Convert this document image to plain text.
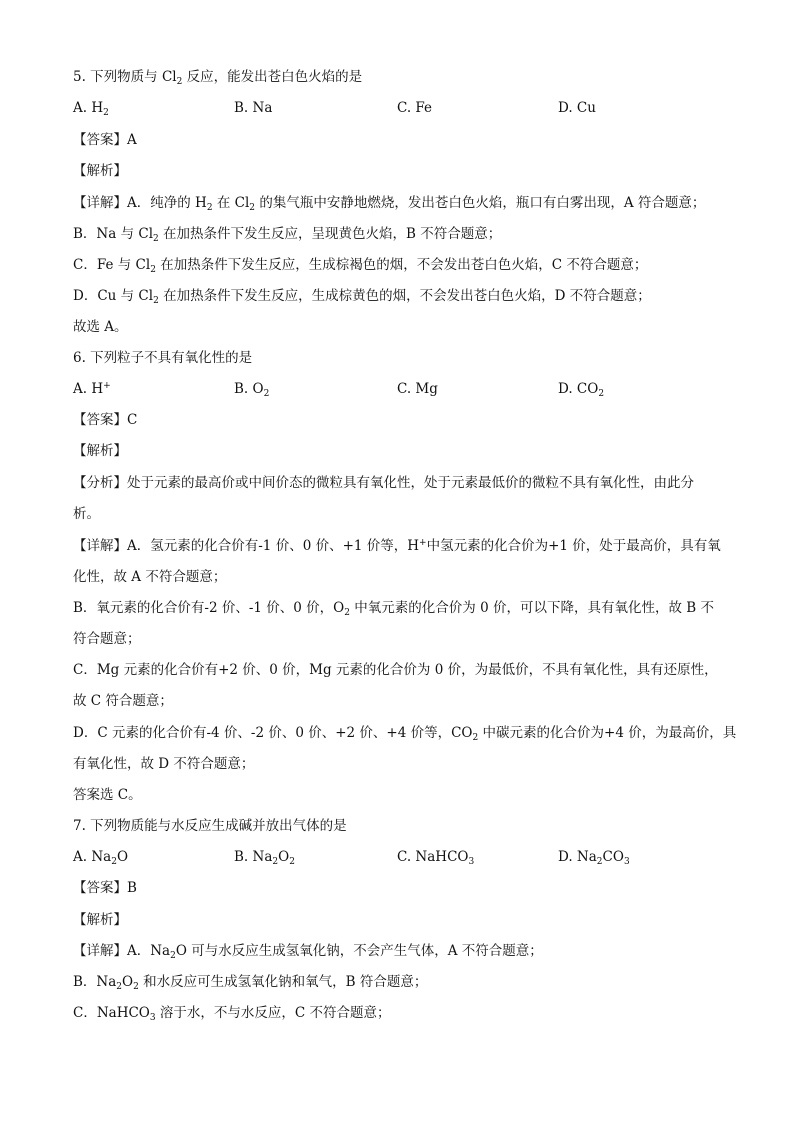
5. 下列物质与 $Cl_2$ 反应，能发出苍白色火焰的是
A. $H_2$	B. Na	C. Fe	D. Cu
【答案】A
【解析】
【详解】A．纯净的 $H_2$ 在 $Cl_2$ 的集气瓶中安静地燃烧，发出苍白色火焰，瓶口有白雾出现，A 符合题意；
B．Na 与 $Cl_2$ 在加热条件下发生反应，呈现黄色火焰，B 不符合题意；
C．Fe 与 $Cl_2$ 在加热条件下发生反应，生成棕褐色的烟，不会发出苍白色火焰，C 不符合题意；
D．Cu 与 $Cl_2$ 在加热条件下发生反应，生成棕黄色的烟，不会发出苍白色火焰，D 不符合题意；
故选 A。
6. 下列粒子不具有氧化性的是
A. H+	B. $O_2$	C. Mg	D. $CO_2$
【答案】C
【解析】
【分析】处于元素的最高价或中间价态的微粒具有氧化性，处于元素最低价的微粒不具有氧化性，由此分
析。
【详解】A．氢元素的化合价有-1 价、0 价、+1 价等，H+中氢元素的化合价为+1 价，处于最高价，具有氧
化性，故 A 不符合题意；
B．氧元素的化合价有-2 价、-1 价、0 价，$O_2$ 中氧元素的化合价为 0 价，可以下降，具有氧化性，故 B 不
符合题意；
C．Mg 元素的化合价有+2 价、0 价，Mg 元素的化合价为 0 价，为最低价，不具有氧化性，具有还原性，
故 C 符合题意；
D．C 元素的化合价有-4 价、-2 价、0 价、+2 价、+4 价等，$CO_2$ 中碳元素的化合价为+4 价，为最高价，具
有氧化性，故 D 不符合题意；
答案选 C。
7. 下列物质能与水反应生成碱并放出气体的是
A. $Na_2O$	B. $Na_2O_2$	C. NaHCO$_3$	D. $Na_2CO_3$
【答案】B
【解析】
【详解】A．$Na_2O$ 可与水反应生成氢氧化钠，不会产生气体，A 不符合题意；
B．$Na_2O_2$ 和水反应可生成氢氧化钠和氧气，B 符合题意；
C．NaHCO$_3$ 溶于水，不与水反应，C 不符合题意；
